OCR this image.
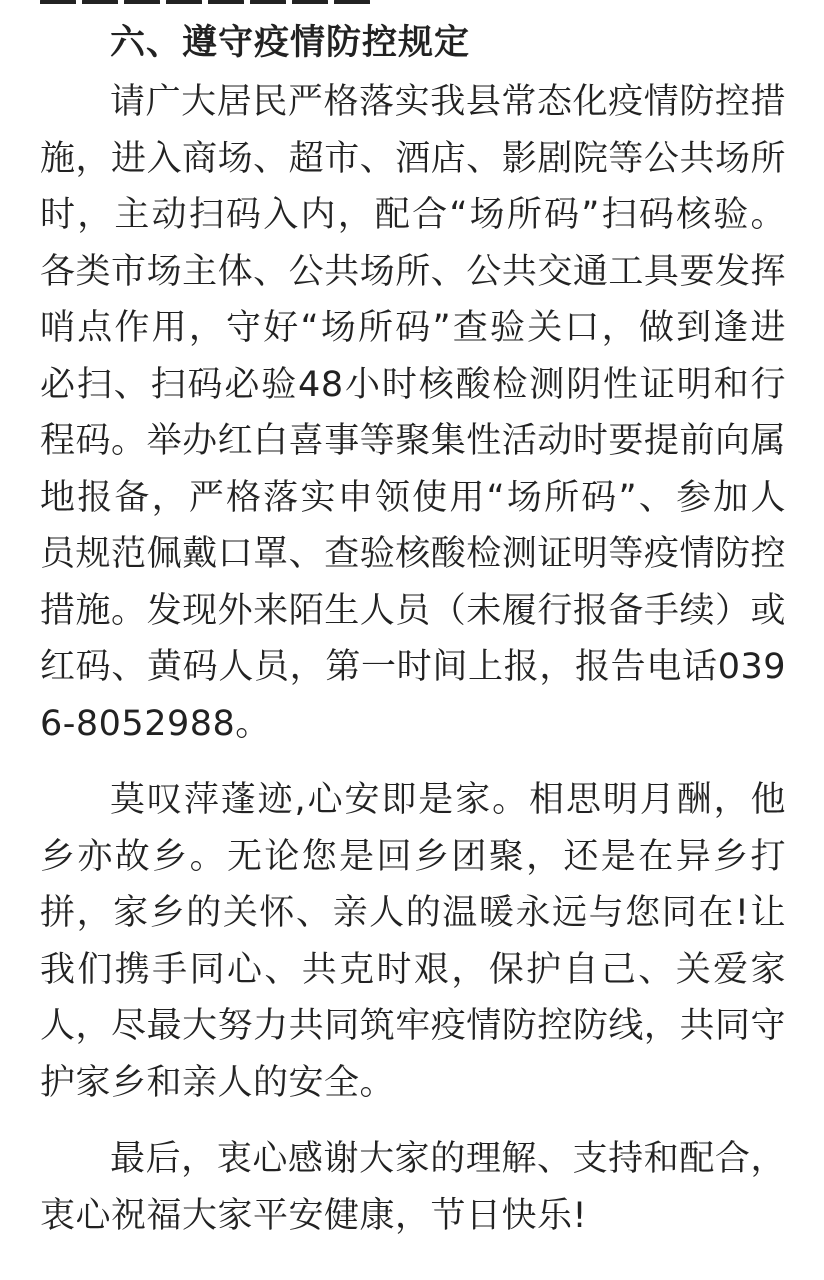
六、遵守疫情防控规定

请广大居民严格落实我县常态化疫情防控措施，进入商场、超市、酒店、影剧院等公共场所时，主动扫码入内，配合“场所码”扫码核验。各类市场主体、公共场所、公共交通工具要发挥哨点作用，守好“场所码”查验关口，做到逢进必扫、扫码必验48小时核酸检测阴性证明和行程码。举办红白喜事等聚集性活动时要提前向属地报备，严格落实申领使用“场所码”、参加人员规范佩戴口罩、查验核酸检测证明等疫情防控措施。发现外来陌生人员（未履行报备手续）或红码、黄码人员，第一时间上报，报告电话0396-8052988。

莫叹萍蓬迹,心安即是家。相思明月酬，他乡亦故乡。无论您是回乡团聚，还是在异乡打拼，家乡的关怀、亲人的温暖永远与您同在!让我们携手同心、共克时艰，保护自己、关爱家人，尽最大努力共同筑牢疫情防控防线，共同守护家乡和亲人的安全。

最后，衷心感谢大家的理解、支持和配合，衷心祝福大家平安健康，节日快乐!
